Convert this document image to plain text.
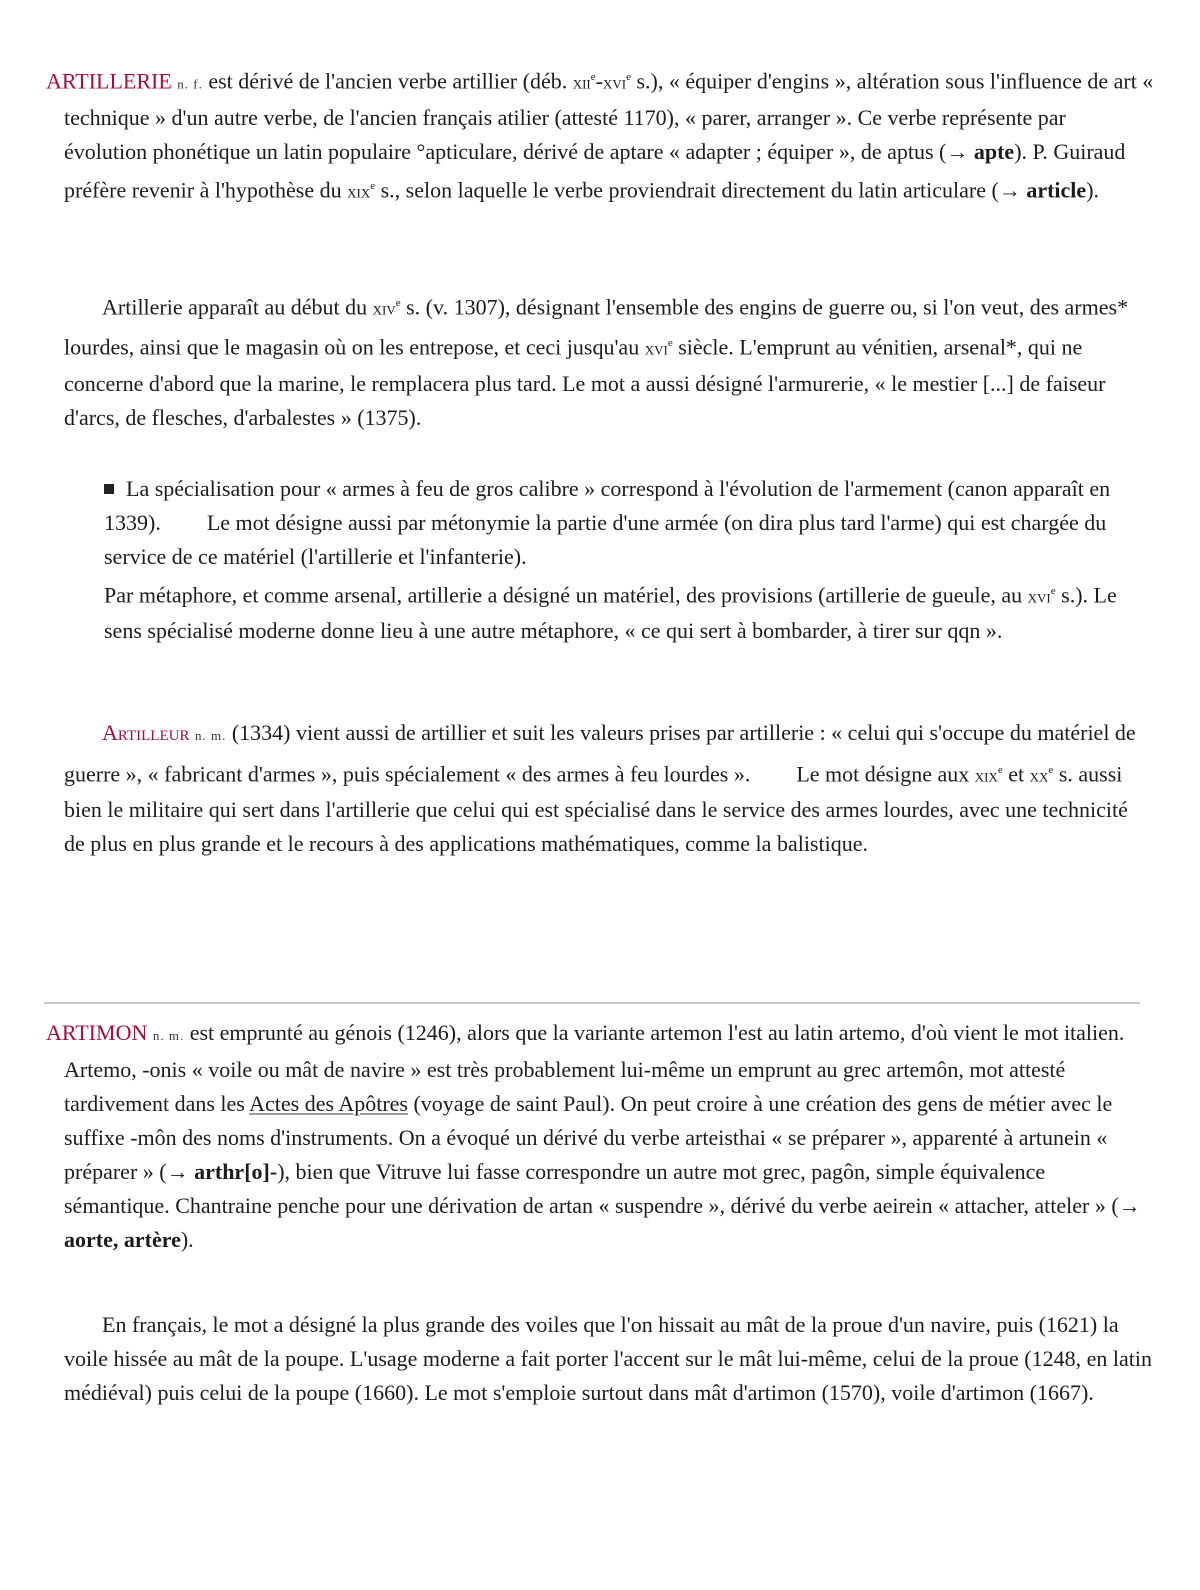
ARTILLERIE n. f. est dérivé de l'ancien verbe artillier (déb. xii$^e$-xvi$^e$ s.), « équiper d'engins », altération sous l'influence de art « technique » d'un autre verbe, de l'ancien français atilier (attesté 1170), « parer, arranger ». Ce verbe représente par évolution phonétique un latin populaire °apticulare, dérivé de aptare « adapter ; équiper », de aptus (→ apte). P. Guiraud préfère revenir à l'hypothèse du xix$^e$ s., selon laquelle le verbe proviendrait directement du latin articulare (→ article).
Artillerie apparaît au début du xiv$^e$ s. (v. 1307), désignant l'ensemble des engins de guerre ou, si l'on veut, des armes* lourdes, ainsi que le magasin où on les entrepose, et ceci jusqu'au xvi$^e$ siècle. L'emprunt au vénitien, arsenal*, qui ne concerne d'abord que la marine, le remplacera plus tard. Le mot a aussi désigné l'armurerie, « le mestier [...] de faiseur d'arcs, de flesches, d'arbalestes » (1375).
La spécialisation pour « armes à feu de gros calibre » correspond à l'évolution de l'armement (canon apparaît en 1339). Le mot désigne aussi par métonymie la partie d'une armée (on dira plus tard l'arme) qui est chargée du service de ce matériel (l'artillerie et l'infanterie).
Par métaphore, et comme arsenal, artillerie a désigné un matériel, des provisions (artillerie de gueule, au xvi$^e$ s.). Le sens spécialisé moderne donne lieu à une autre métaphore, « ce qui sert à bombarder, à tirer sur qqn ».
Artilleur n. m. (1334) vient aussi de artillier et suit les valeurs prises par artillerie : « celui qui s'occupe du matériel de guerre », « fabricant d'armes », puis spécialement « des armes à feu lourdes ». Le mot désigne aux xix$^e$ et $xx^e$ s. aussi bien le militaire qui sert dans l'artillerie que celui qui est spécialisé dans le service des armes lourdes, avec une technicité de plus en plus grande et le recours à des applications mathématiques, comme la balistique.
ARTIMON n. m. est emprunté au génois (1246), alors que la variante artemon l'est au latin artemo, d'où vient le mot italien. Artemo, -onis « voile ou mât de navire » est très probablement lui-même un emprunt au grec artemôn, mot attesté tardivement dans les Actes des Apôtres (voyage de saint Paul). On peut croire à une création des gens de métier avec le suffixe -môn des noms d'instruments. On a évoqué un dérivé du verbe arteisthai « se préparer », apparenté à artunein « préparer » (→ arthr[o]-), bien que Vitruve lui fasse correspondre un autre mot grec, pagôn, simple équivalence sémantique. Chantraine penche pour une dérivation de artan « suspendre », dérivé du verbe aeirein « attacher, atteler » (→ aorte, artère).
En français, le mot a désigné la plus grande des voiles que l'on hissait au mât de la proue d'un navire, puis (1621) la voile hissée au mât de la poupe. L'usage moderne a fait porter l'accent sur le mât lui-même, celui de la proue (1248, en latin médiéval) puis celui de la poupe (1660). Le mot s'emploie surtout dans mât d'artimon (1570), voile d'artimon (1667).
